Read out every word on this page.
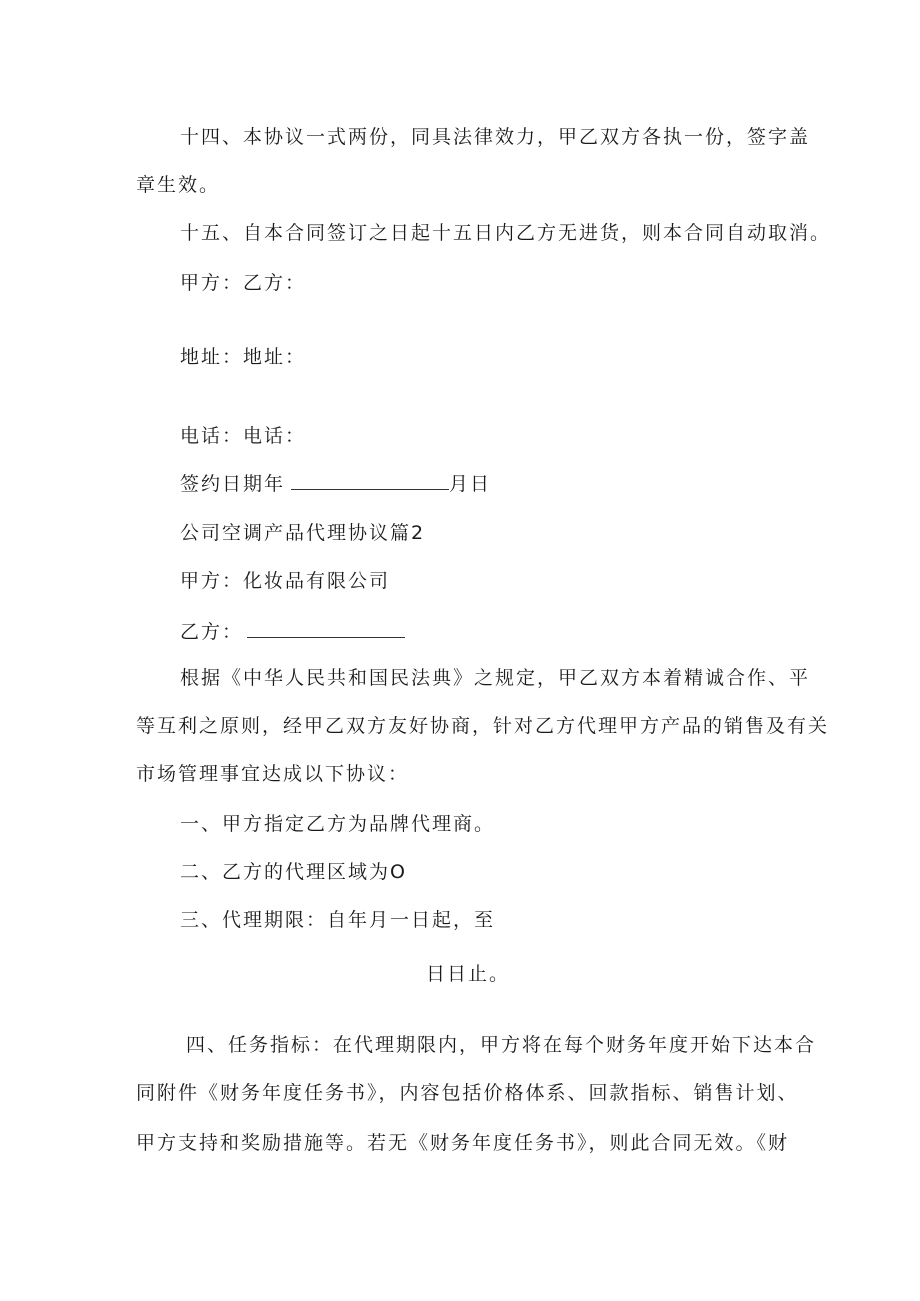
十四、本协议一式两份，同具法律效力，甲乙双方各执一份，签字盖
章生效。
十五、自本合同签订之日起十五日内乙方无进货，则本合同自动取消。
甲方：乙方：
地址：地址：
电话：电话：
签约日期年	月日
公司空调产品代理协议篇2
甲方：化妆品有限公司
乙方：
根据《中华人民共和国民法典》之规定，甲乙双方本着精诚合作、平
等互利之原则，经甲乙双方友好协商，针对乙方代理甲方产品的销售及有关
市场管理事宜达成以下协议：
一、甲方指定乙方为品牌代理商。
二、乙方的代理区域为O
三、代理期限：自年月一日起，至
日日止。
四、任务指标：在代理期限内，甲方将在每个财务年度开始下达本合
同附件《财务年度任务书》，内容包括价格体系、回款指标、销售计划、
甲方支持和奖励措施等。若无《财务年度任务书》，则此合同无效。《财
